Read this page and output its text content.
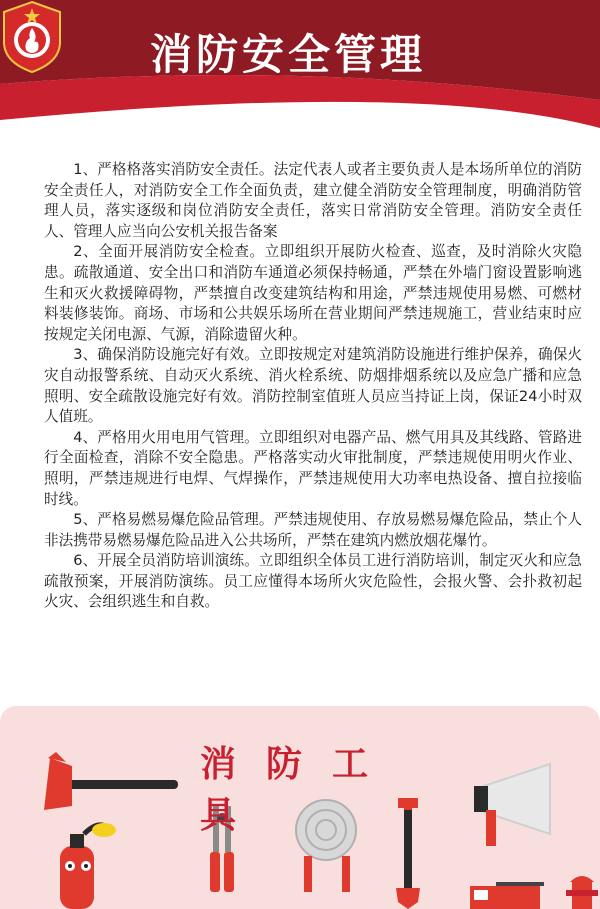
消防安全管理

1、严格格落实消防安全责任。法定代表人或者主要负责人是本场所单位的消防安全责任人，对消防安全工作全面负责，建立健全消防安全管理制度，明确消防管理人员，落实逐级和岗位消防安全责任，落实日常消防安全管理。消防安全责任人、管理人应当向公安机关报告备案

2、全面开展消防安全检查。立即组织开展防火检查、巡查，及时消除火灾隐患。疏散通道、安全出口和消防车通道必须保持畅通，严禁在外墙门窗设置影响逃生和灭火救援障碍物，严禁擅自改变建筑结构和用途，严禁违规使用易燃、可燃材料装修装饰。商场、市场和公共娱乐场所在营业期间严禁违规施工，营业结束时应按规定关闭电源、气源，消除遗留火种。

3、确保消防设施完好有效。立即按规定对建筑消防设施进行维护保养，确保火灾自动报警系统、自动灭火系统、消火栓系统、防烟排烟系统以及应急广播和应急照明、安全疏散设施完好有效。消防控制室值班人员应当持证上岗，保证24小时双人值班。

4、严格用火用电用气管理。立即组织对电器产品、燃气用具及其线路、管路进行全面检查，消除不安全隐患。严格落实动火审批制度，严禁违规使用明火作业、照明，严禁违规进行电焊、气焊操作，严禁违规使用大功率电热设备、擅自拉接临时线。

5、严格易燃易爆危险品管理。严禁违规使用、存放易燃易爆危险品，禁止个人非法携带易燃易爆危险品进入公共场所，严禁在建筑内燃放烟花爆竹。

6、开展全员消防培训演练。立即组织全体员工进行消防培训，制定灭火和应急疏散预案，开展消防演练。员工应懂得本场所火灾危险性，会报火警、会扑救初起火灾、会组织逃生和自救。

消防工具
